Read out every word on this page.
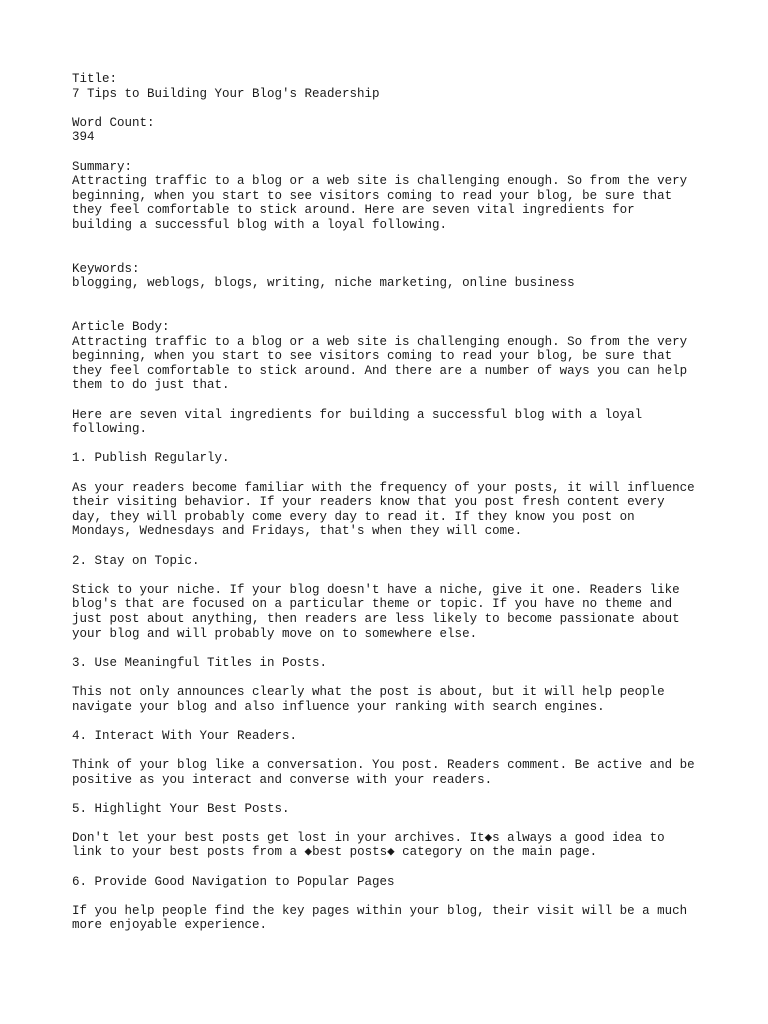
Title:
7 Tips to Building Your Blog's Readership
Word Count:
394
Summary:
Attracting traffic to a blog or a web site is challenging enough. So from the very
beginning, when you start to see visitors coming to read your blog, be sure that
they feel comfortable to stick around. Here are seven vital ingredients for
building a successful blog with a loyal following.
Keywords:
blogging, weblogs, blogs, writing, niche marketing, online business
Article Body:
Attracting traffic to a blog or a web site is challenging enough. So from the very
beginning, when you start to see visitors coming to read your blog, be sure that
they feel comfortable to stick around. And there are a number of ways you can help
them to do just that.
Here are seven vital ingredients for building a successful blog with a loyal
following.
1. Publish Regularly.
As your readers become familiar with the frequency of your posts, it will influence
their visiting behavior. If your readers know that you post fresh content every
day, they will probably come every day to read it. If they know you post on
Mondays, Wednesdays and Fridays, that's when they will come.
2. Stay on Topic.
Stick to your niche. If your blog doesn't have a niche, give it one. Readers like
blog's that are focused on a particular theme or topic. If you have no theme and
just post about anything, then readers are less likely to become passionate about
your blog and will probably move on to somewhere else.
3. Use Meaningful Titles in Posts.
This not only announces clearly what the post is about, but it will help people
navigate your blog and also influence your ranking with search engines.
4. Interact With Your Readers.
Think of your blog like a conversation. You post. Readers comment. Be active and be
positive as you interact and converse with your readers.
5. Highlight Your Best Posts.
Don't let your best posts get lost in your archives. It◆s always a good idea to
link to your best posts from a ◆best posts◆ category on the main page.
6. Provide Good Navigation to Popular Pages
If you help people find the key pages within your blog, their visit will be a much
more enjoyable experience.
